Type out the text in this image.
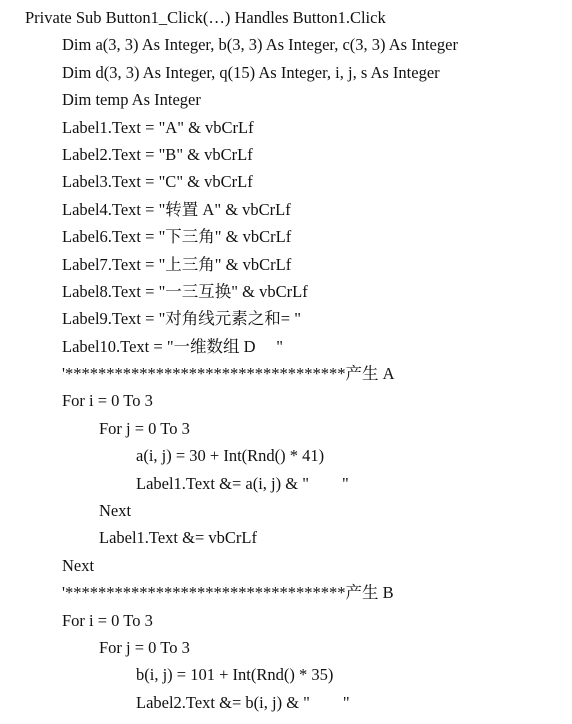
Private Sub Button1_Click(…) Handles Button1.Click
Dim a(3, 3) As Integer, b(3, 3) As Integer, c(3, 3) As Integer
Dim d(3, 3) As Integer, q(15) As Integer, i, j, s As Integer
Dim temp As Integer
Label1.Text = "A" & vbCrLf
Label2.Text = "B" & vbCrLf
Label3.Text = "C" & vbCrLf
Label4.Text = "转置 A" & vbCrLf
Label6.Text = "下三角" & vbCrLf
Label7.Text = "上三角" & vbCrLf
Label8.Text = "一三互换" & vbCrLf
Label9.Text = "对角线元素之和= "
Label10.Text = "一维数组 D     "
'**********************************产生 A
For i = 0 To 3
For j = 0 To 3
a(i, j) = 30 + Int(Rnd() * 41)
Label1.Text &= a(i, j) & "        "
Next
Label1.Text &= vbCrLf
Next
'**********************************产生 B
For i = 0 To 3
For j = 0 To 3
b(i, j) = 101 + Int(Rnd() * 35)
Label2.Text &= b(i, j) & "        "
